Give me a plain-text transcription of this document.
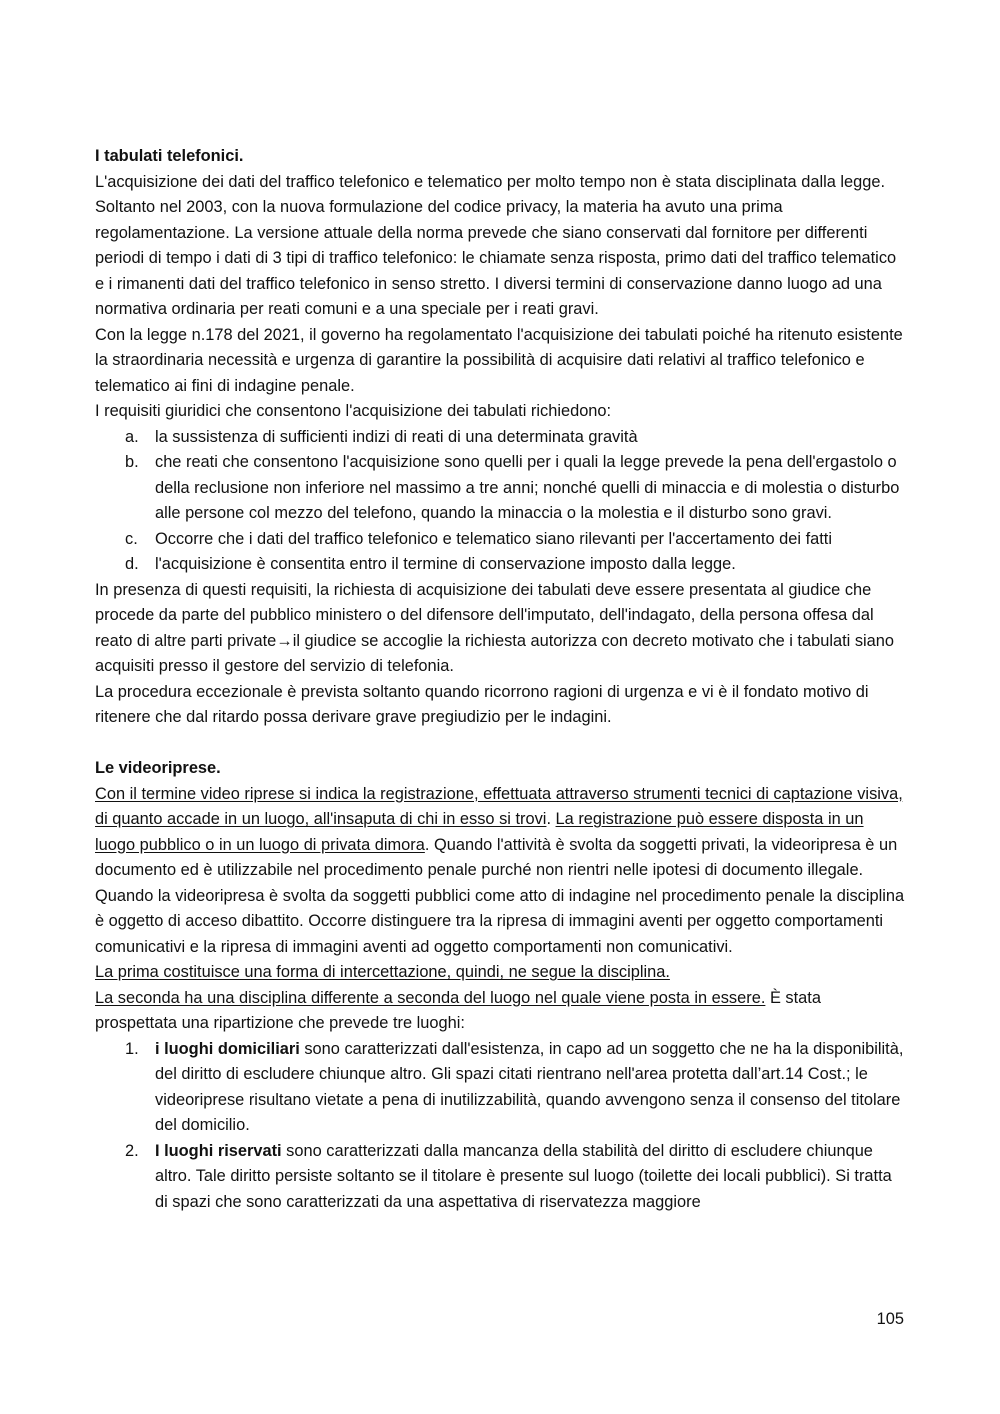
I tabulati telefonici.

L'acquisizione dei dati del traffico telefonico e telematico per molto tempo non è stata disciplinata dalla legge. Soltanto nel 2003, con la nuova formulazione del codice privacy, la materia ha avuto una prima regolamentazione. La versione attuale della norma prevede che siano conservati dal fornitore per differenti periodi di tempo i dati di 3 tipi di traffico telefonico: le chiamate senza risposta, primo dati del traffico telematico e i rimanenti dati del traffico telefonico in senso stretto. I diversi termini di conservazione danno luogo ad una normativa ordinaria per reati comuni e a una speciale per i reati gravi.

Con la legge n.178 del 2021, il governo ha regolamentato l'acquisizione dei tabulati poiché ha ritenuto esistente la straordinaria necessità e urgenza di garantire la possibilità di acquisire dati relativi al traffico telefonico e telematico ai fini di indagine penale.

I requisiti giuridici che consentono l'acquisizione dei tabulati richiedono:

a. la sussistenza di sufficienti indizi di reati di una determinata gravità
b. che reati che consentono l'acquisizione sono quelli per i quali la legge prevede la pena dell'ergastolo o della reclusione non inferiore nel massimo a tre anni; nonché quelli di minaccia e di molestia o disturbo alle persone col mezzo del telefono, quando la minaccia o la molestia e il disturbo sono gravi.
c. Occorre che i dati del traffico telefonico e telematico siano rilevanti per l'accertamento dei fatti
d. l'acquisizione è consentita entro il termine di conservazione imposto dalla legge.

In presenza di questi requisiti, la richiesta di acquisizione dei tabulati deve essere presentata al giudice che procede da parte del pubblico ministero o del difensore dell'imputato, dell'indagato, della persona offesa dal reato di altre parti private→il giudice se accoglie la richiesta autorizza con decreto motivato che i tabulati siano acquisiti presso il gestore del servizio di telefonia.

La procedura eccezionale è prevista soltanto quando ricorrono ragioni di urgenza e vi è il fondato motivo di ritenere che dal ritardo possa derivare grave pregiudizio per le indagini.

Le videoriprese.

Con il termine video riprese si indica la registrazione, effettuata attraverso strumenti tecnici di captazione visiva, di quanto accade in un luogo, all'insaputa di chi in esso si trovi. La registrazione può essere disposta in un luogo pubblico o in un luogo di privata dimora. Quando l'attività è svolta da soggetti privati, la videoripresa è un documento ed è utilizzabile nel procedimento penale purché non rientri nelle ipotesi di documento illegale. Quando la videoripresa è svolta da soggetti pubblici come atto di indagine nel procedimento penale la disciplina è oggetto di acceso dibattito. Occorre distinguere tra la ripresa di immagini aventi per oggetto comportamenti comunicativi e la ripresa di immagini aventi ad oggetto comportamenti non comunicativi.

La prima costituisce una forma di intercettazione, quindi, ne segue la disciplina.

La seconda ha una disciplina differente a seconda del luogo nel quale viene posta in essere. È stata prospettata una ripartizione che prevede tre luoghi:

1. i luoghi domiciliari sono caratterizzati dall'esistenza, in capo ad un soggetto che ne ha la disponibilità, del diritto di escludere chiunque altro. Gli spazi citati rientrano nell'area protetta dall’art.14 Cost.; le videoriprese risultano vietate a pena di inutilizzabilità, quando avvengono senza il consenso del titolare del domicilio.
2. I luoghi riservati sono caratterizzati dalla mancanza della stabilità del diritto di escludere chiunque altro. Tale diritto persiste soltanto se il titolare è presente sul luogo (toilette dei locali pubblici). Si tratta di spazi che sono caratterizzati da una aspettativa di riservatezza maggiore
105
